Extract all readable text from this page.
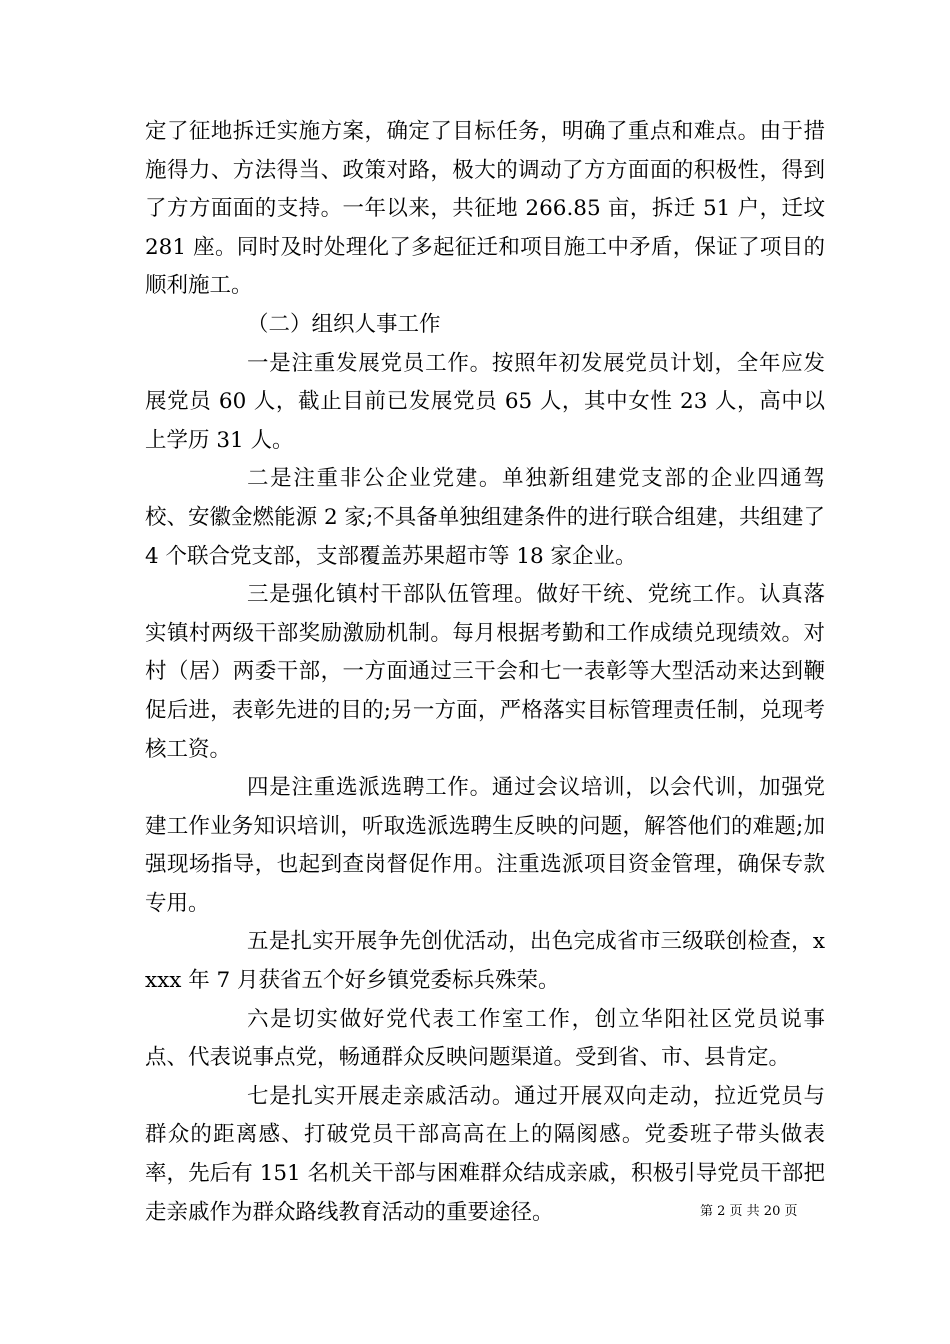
定了征地拆迁实施方案，确定了目标任务，明确了重点和难点。由于措施得力、方法得当、政策对路，极大的调动了方方面面的积极性，得到了方方面面的支持。一年以来，共征地 266.85 亩，拆迁 51 户，迁坟 281 座。同时及时处理化了多起征迁和项目施工中矛盾，保证了项目的顺利施工。

（二）组织人事工作

一是注重发展党员工作。按照年初发展党员计划，全年应发展党员 60 人，截止目前已发展党员 65 人，其中女性 23 人，高中以上学历 31 人。

二是注重非公企业党建。单独新组建党支部的企业四通驾校、安徽金燃能源 2 家;不具备单独组建条件的进行联合组建，共组建了 4 个联合党支部，支部覆盖苏果超市等 18 家企业。

三是强化镇村干部队伍管理。做好干统、党统工作。认真落实镇村两级干部奖励激励机制。每月根据考勤和工作成绩兑现绩效。对村（居）两委干部，一方面通过三干会和七一表彰等大型活动来达到鞭促后进，表彰先进的目的;另一方面，严格落实目标管理责任制，兑现考核工资。

四是注重选派选聘工作。通过会议培训，以会代训，加强党建工作业务知识培训，听取选派选聘生反映的问题，解答他们的难题;加强现场指导，也起到查岗督促作用。注重选派项目资金管理，确保专款专用。

五是扎实开展争先创优活动，出色完成省市三级联创检查，xxxx 年 7 月获省五个好乡镇党委标兵殊荣。

六是切实做好党代表工作室工作，创立华阳社区党员说事点、代表说事点党，畅通群众反映问题渠道。受到省、市、县肯定。

七是扎实开展走亲戚活动。通过开展双向走动，拉近党员与群众的距离感、打破党员干部高高在上的隔阂感。党委班子带头做表率，先后有 151 名机关干部与困难群众结成亲戚，积极引导党员干部把走亲戚作为群众路线教育活动的重要途径。	第 2 页 共 20 页
